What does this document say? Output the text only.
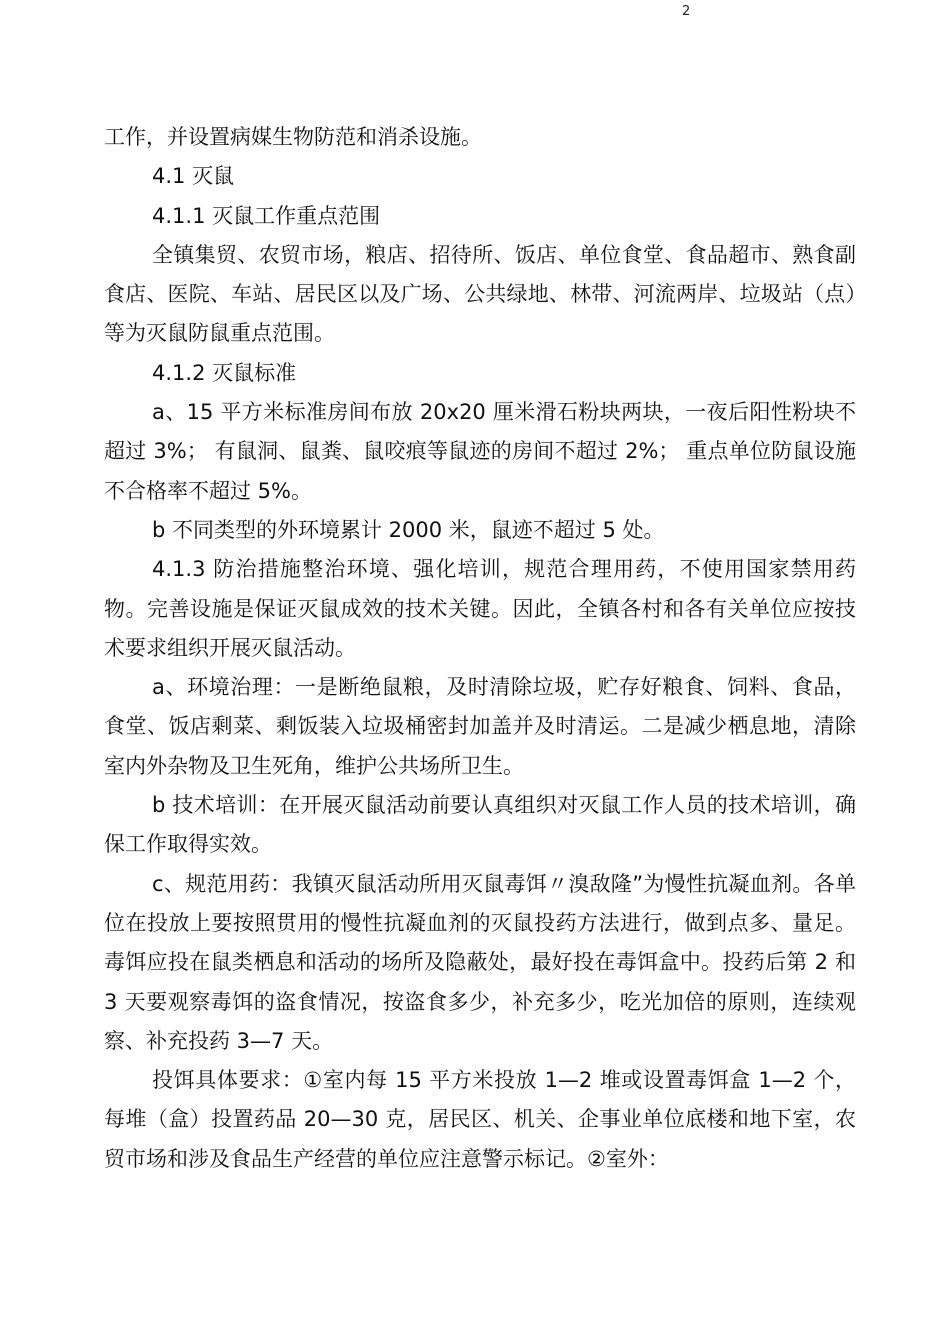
2

工作，并设置病媒生物防范和消杀设施。

4.1 灭鼠

4.1.1 灭鼠工作重点范围

全镇集贸、农贸市场，粮店、招待所、饭店、单位食堂、食品超市、熟食副食店、医院、车站、居民区以及广场、公共绿地、林带、河流两岸、垃圾站（点）等为灭鼠防鼠重点范围。

4.1.2 灭鼠标准

a、15 平方米标准房间布放 20x20 厘米滑石粉块两块，一夜后阳性粉块不超过 3%； 有鼠洞、鼠粪、鼠咬痕等鼠迹的房间不超过 2%； 重点单位防鼠设施不合格率不超过 5%。

b 不同类型的外环境累计 2000 米，鼠迹不超过 5 处。

4.1.3 防治措施整治环境、强化培训，规范合理用药，不使用国家禁用药物。完善设施是保证灭鼠成效的技术关键。因此，全镇各村和各有关单位应按技术要求组织开展灭鼠活动。

a、环境治理：一是断绝鼠粮，及时清除垃圾，贮存好粮食、饲料、食品，食堂、饭店剩菜、剩饭装入垃圾桶密封加盖并及时清运。二是减少栖息地，清除室内外杂物及卫生死角，维护公共场所卫生。

b 技术培训：在开展灭鼠活动前要认真组织对灭鼠工作人员的技术培训，确保工作取得实效。

c、规范用药：我镇灭鼠活动所用灭鼠毒饵〃溴敌隆”为慢性抗凝血剂。各单位在投放上要按照贯用的慢性抗凝血剂的灭鼠投药方法进行，做到点多、量足。毒饵应投在鼠类栖息和活动的场所及隐蔽处，最好投在毒饵盒中。投药后第 2 和 3 天要观察毒饵的盗食情况，按盗食多少，补充多少，吃光加倍的原则，连续观察、补充投药 3—7 天。

投饵具体要求：①室内每 15 平方米投放 1—2 堆或设置毒饵盒 1—2 个，每堆（盒）投置药品 20—30 克，居民区、机关、企事业单位底楼和地下室，农贸市场和涉及食品生产经营的单位应注意警示标记。②室外：
